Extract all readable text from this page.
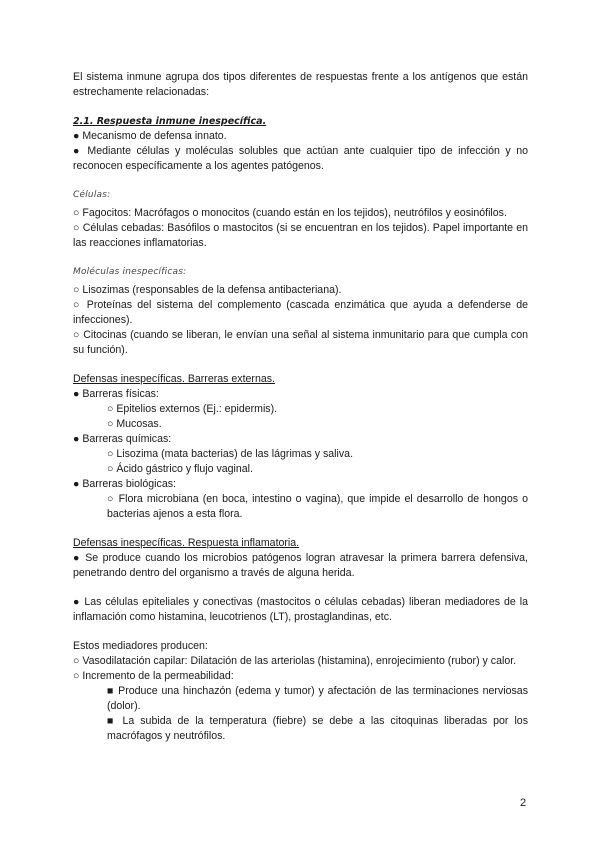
El sistema inmune agrupa dos tipos diferentes de respuestas frente a los antígenos que están estrechamente relacionadas:

2.1. Respuesta inmune inespecífica.

● Mecanismo de defensa innato.

● Mediante células y moléculas solubles que actúan ante cualquier tipo de infección y no reconocen específicamente a los agentes patógenos.

Células:

○ Fagocitos: Macrófagos o monocitos (cuando están en los tejidos), neutrófilos y eosinófilos.

○ Células cebadas: Basófilos o mastocitos (si se encuentran en los tejidos). Papel importante en las reacciones inflamatorias.

Moléculas inespecíficas:

○ Lisozimas (responsables de la defensa antibacteriana).

○ Proteínas del sistema del complemento (cascada enzimática que ayuda a defenderse de infecciones).

○ Citocinas (cuando se liberan, le envían una señal al sistema inmunitario para que cumpla con su función).

Defensas inespecíficas. Barreras externas.

● Barreras físicas:

○ Epitelios externos (Ej.: epidermis).

○ Mucosas.

● Barreras químicas:

○ Lisozima (mata bacterias) de las lágrimas y saliva.

○ Ácido gástrico y flujo vaginal.

● Barreras biológicas:

○ Flora microbiana (en boca, intestino o vagina), que impide el desarrollo de hongos o bacterias ajenos a esta flora.

Defensas inespecíficas. Respuesta inflamatoria.

● Se produce cuando los microbios patógenos logran atravesar la primera barrera defensiva, penetrando dentro del organismo a través de alguna herida.

● Las células epiteliales y conectivas (mastocitos o células cebadas) liberan mediadores de la inflamación como histamina, leucotrienos (LT), prostaglandinas, etc.

Estos mediadores producen:

○ Vasodilatación capilar: Dilatación de las arteriolas (histamina), enrojecimiento (rubor) y calor.

○ Incremento de la permeabilidad:

■ Produce una hinchazón (edema y tumor) y afectación de las terminaciones nerviosas (dolor).

■ La subida de la temperatura (fiebre) se debe a las citoquinas liberadas por los macrófagos y neutrófilos.

2
